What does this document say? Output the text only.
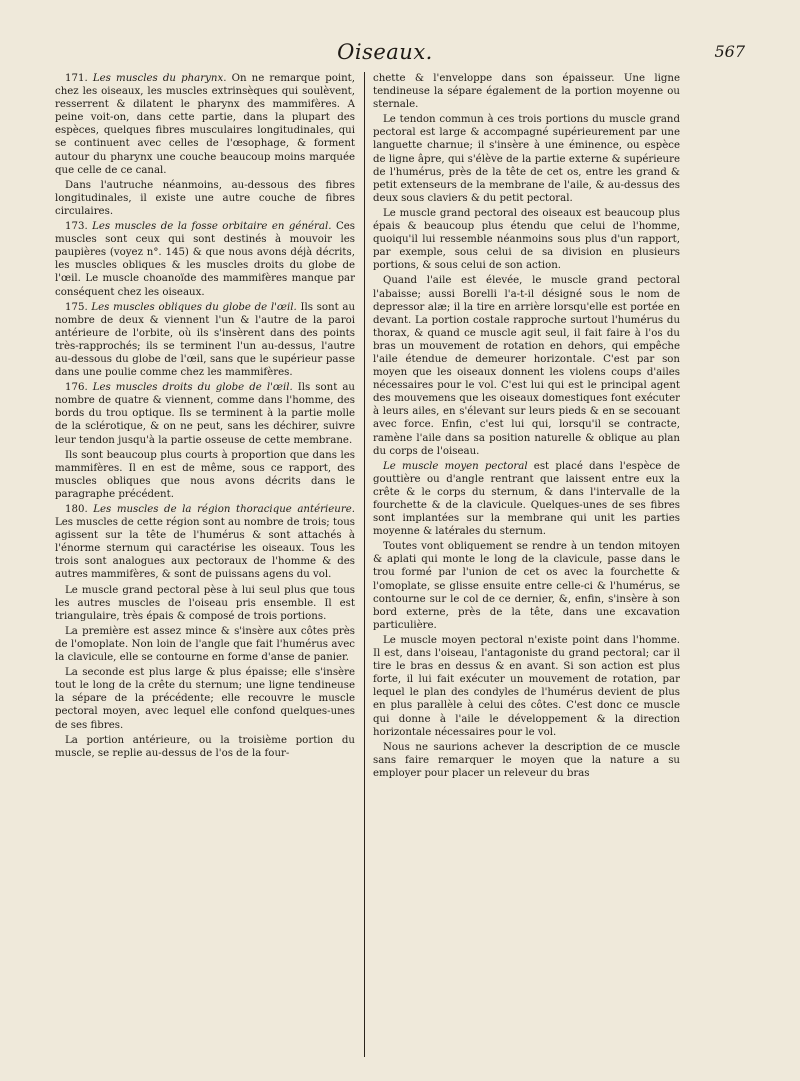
Oiseaux.	567

171. Les muscles du pharynx. On ne remarque point, chez les oiseaux, les muscles extrinsèques qui soulèvent, resserrent & dilatent le pharynx des mammifères. A peine voit-on, dans cette partie, dans la plupart des espèces, quelques fibres musculaires longitudinales, qui se continuent avec celles de l'œsophage, & forment autour du pharynx une couche beaucoup moins marquée que celle de ce canal.

Dans l'autruche néanmoins, au-dessous des fibres longitudinales, il existe une autre couche de fibres circulaires.

173. Les muscles de la fosse orbitaire en général. Ces muscles sont ceux qui sont destinés à mouvoir les paupières (voyez n°. 145) & que nous avons déjà décrits, les muscles obliques & les muscles droits du globe de l'œil. Le muscle choanoïde des mammifères manque par conséquent chez les oiseaux.

175. Les muscles obliques du globe de l'œil. Ils sont au nombre de deux & viennent l'un & l'autre de la paroi antérieure de l'orbite, où ils s'insèrent dans des points très-rapprochés; ils se terminent l'un au-dessus, l'autre au-dessous du globe de l'œil, sans que le supérieur passe dans une poulie comme chez les mammifères.

176. Les muscles droits du globe de l'œil. Ils sont au nombre de quatre & viennent, comme dans l'homme, des bords du trou optique. Ils se terminent à la partie molle de la sclérotique, & on ne peut, sans les déchirer, suivre leur tendon jusqu'à la partie osseuse de cette membrane.

Ils sont beaucoup plus courts à proportion que dans les mammifères. Il en est de même, sous ce rapport, des muscles obliques que nous avons décrits dans le paragraphe précédent.

180. Les muscles de la région thoracique antérieure. Les muscles de cette région sont au nombre de trois; tous agissent sur la tête de l'humérus & sont attachés à l'énorme sternum qui caractérise les oiseaux. Tous les trois sont analogues aux pectoraux de l'homme & des autres mammifères, & sont de puissans agens du vol.

Le muscle grand pectoral pèse à lui seul plus que tous les autres muscles de l'oiseau pris ensemble. Il est triangulaire, très épais & composé de trois portions.

La première est assez mince & s'insère aux côtes près de l'omoplate. Non loin de l'angle que fait l'humérus avec la clavicule, elle se contourne en forme d'anse de panier.

La seconde est plus large & plus épaisse; elle s'insère tout le long de la crête du sternum; une ligne tendineuse la sépare de la précédente; elle recouvre le muscle pectoral moyen, avec lequel elle confond quelques-unes de ses fibres.

La portion antérieure, ou la troisième portion du muscle, se replie au-dessus de l'os de la four-

chette & l'enveloppe dans son épaisseur. Une ligne tendineuse la sépare également de la portion moyenne ou sternale.

Le tendon commun à ces trois portions du muscle grand pectoral est large & accompagné supérieurement par une languette charnue; il s'insère à une éminence, ou espèce de ligne âpre, qui s'élève de la partie externe & supérieure de l'humérus, près de la tête de cet os, entre les grand & petit extenseurs de la membrane de l'aile, & au-dessus des deux sous claviers & du petit pectoral.

Le muscle grand pectoral des oiseaux est beaucoup plus épais & beaucoup plus étendu que celui de l'homme, quoiqu'il lui ressemble néanmoins sous plus d'un rapport, par exemple, sous celui de sa division en plusieurs portions, & sous celui de son action.

Quand l'aile est élevée, le muscle grand pectoral l'abaisse; aussi Borelli l'a-t-il désigné sous le nom de depressor alæ; il la tire en arrière lorsqu'elle est portée en devant. La portion costale rapproche surtout l'humérus du thorax, & quand ce muscle agit seul, il fait faire à l'os du bras un mouvement de rotation en dehors, qui empêche l'aile étendue de demeurer horizontale. C'est par son moyen que les oiseaux donnent les violens coups d'ailes nécessaires pour le vol. C'est lui qui est le principal agent des mouvemens que les oiseaux domestiques font exécuter à leurs ailes, en s'élevant sur leurs pieds & en se secouant avec force. Enfin, c'est lui qui, lorsqu'il se contracte, ramène l'aile dans sa position naturelle & oblique au plan du corps de l'oiseau.

Le muscle moyen pectoral est placé dans l'espèce de gouttière ou d'angle rentrant que laissent entre eux la crête & le corps du sternum, & dans l'intervalle de la fourchette & de la clavicule. Quelques-unes de ses fibres sont implantées sur la membrane qui unit les parties moyenne & latérales du sternum.

Toutes vont obliquement se rendre à un tendon mitoyen & aplati qui monte le long de la clavicule, passe dans le trou formé par l'union de cet os avec la fourchette & l'omoplate, se glisse ensuite entre celle-ci & l'humérus, se contourne sur le col de ce dernier, &, enfin, s'insère à son bord externe, près de la tête, dans une excavation particulière.

Le muscle moyen pectoral n'existe point dans l'homme. Il est, dans l'oiseau, l'antagoniste du grand pectoral; car il tire le bras en dessus & en avant. Si son action est plus forte, il lui fait exécuter un mouvement de rotation, par lequel le plan des condyles de l'humérus devient de plus en plus parallèle à celui des côtes. C'est donc ce muscle qui donne à l'aile le développement & la direction horizontale nécessaires pour le vol.

Nous ne saurions achever la description de ce muscle sans faire remarquer le moyen que la nature a su employer pour placer un releveur du bras
